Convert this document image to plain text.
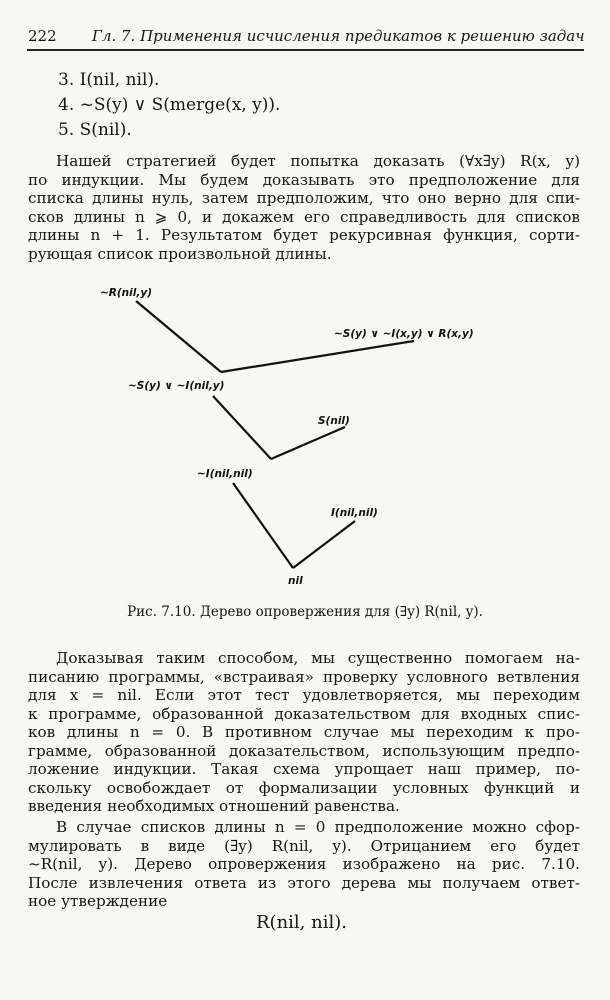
222 Гл. 7. Применения исчисления предикатов к решению задач
3. I(nil, nil).
4. ~S(y) ∨ S(merge(x, y)).
5. S(nil).
Нашей стратегией будет попытка доказать (∀x∃y) R(x, y)
по индукции. Мы будем доказывать это предположение для
списка длины нуль, затем предположим, что оно верно для спи-
сков длины n ⩾ 0, и докажем его справедливость для списков
длины n + 1. Результатом будет рекурсивная функция, сорти-
рующая список произвольной длины.
~R(nil,y)
~S(y) ∨ ~I(x,y) ∨ R(x,y)
~S(y) ∨ ~I(nil,y)
S(nil)
~I(nil,nil)
I(nil,nil)
nil
Рис. 7.10. Дерево опровержения для (∃y) R(nil, y).
Доказывая таким способом, мы существенно помогаем на-
писанию программы, «встраивая» проверку условного ветвления
для x = nil. Если этот тест удовлетворяется, мы переходим
к программе, образованной доказательством для входных спис-
ков длины n = 0. В противном случае мы переходим к про-
грамме, образованной доказательством, использующим предпо-
ложение индукции. Такая схема упрощает наш пример, по-
скольку освобождает от формализации условных функций и
введения необходимых отношений равенства.
В случае списков длины n = 0 предположение можно сфор-
мулировать в виде (∃y) R(nil, y). Отрицанием его будет
~R(nil, y). Дерево опровержения изображено на рис. 7.10.
После извлечения ответа из этого дерева мы получаем ответ-
ное утверждение
R(nil, nil).
